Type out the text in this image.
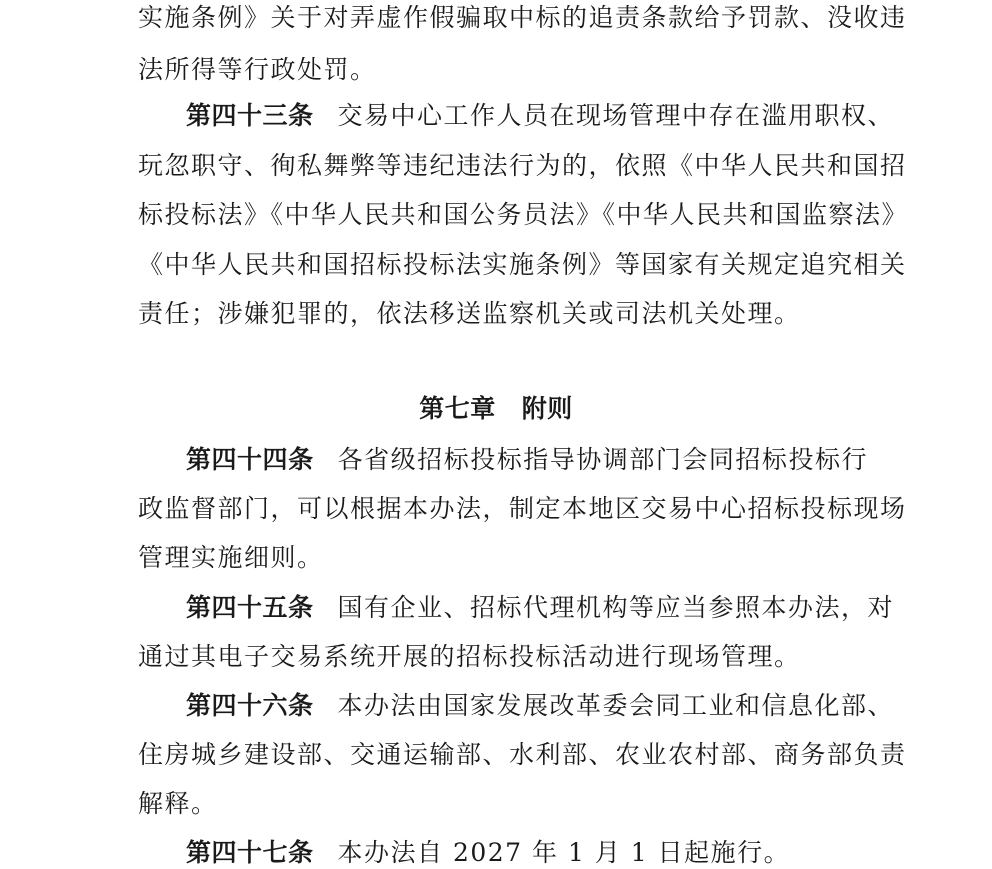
实施条例》关于对弄虚作假骗取中标的追责条款给予罚款、没收违
法所得等行政处罚。
第四十三条 交易中心工作人员在现场管理中存在滥用职权、
玩忽职守、徇私舞弊等违纪违法行为的，依照《中华人民共和国招
标投标法》《中华人民共和国公务员法》《中华人民共和国监察法》
《中华人民共和国招标投标法实施条例》等国家有关规定追究相关
责任；涉嫌犯罪的，依法移送监察机关或司法机关处理。
第七章 附则
第四十四条 各省级招标投标指导协调部门会同招标投标行
政监督部门，可以根据本办法，制定本地区交易中心招标投标现场
管理实施细则。
第四十五条 国有企业、招标代理机构等应当参照本办法，对
通过其电子交易系统开展的招标投标活动进行现场管理。
第四十六条 本办法由国家发展改革委会同工业和信息化部、
住房城乡建设部、交通运输部、水利部、农业农村部、商务部负责
解释。
第四十七条 本办法自 2027 年 1 月 1 日起施行。
